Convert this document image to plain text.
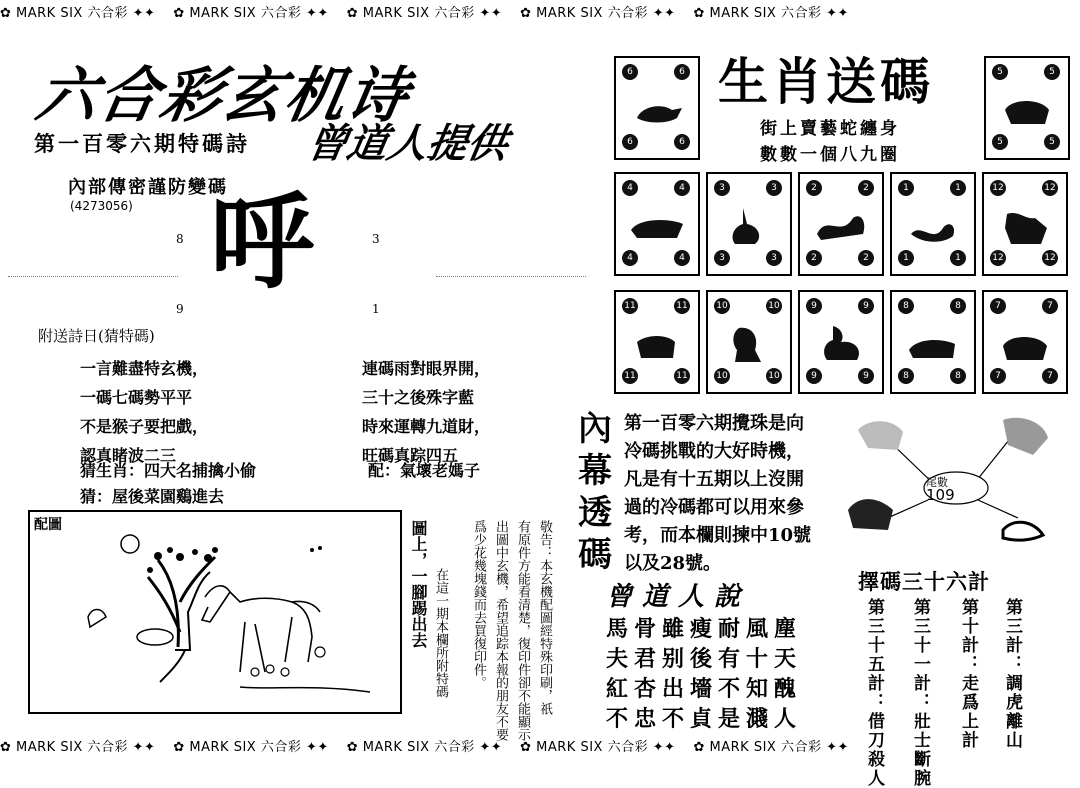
✿ MARK SIX 六合彩 ✦✦ ✿ MARK SIX 六合彩 ✦✦ ✿ MARK SIX 六合彩 ✦✦ ✿ MARK SIX 六合彩 ✦✦ ✿ MARK SIX 六合彩 ✦✦
✿ MARK SIX 六合彩 ✦✦ ✿ MARK SIX 六合彩 ✦✦ ✿ MARK SIX 六合彩 ✦✦ ✿ MARK SIX 六合彩 ✦✦ ✿ MARK SIX 六合彩 ✦✦
六合彩玄机诗
第一百零六期特碼詩 曾道人提供
內部傳密謹防變碼
(4273056) 呼
8	3
9	1
附送詩日(猜特碼)

一言難盡特玄機，

一碼七碼勢平平

不是猴子要把戲，

認真睹波二三

連碼雨對眼界開，

三十之後殊字藍

時來運轉九道財，

旺碼真踪四五

猜生肖：四大名捕擒小偷	配：氣壞老媽子
猜：屋後菜園鷄進去
配圖	圖上，一腳踢出去 在這一期本欄所附特碼	敬告：本玄機配圖經特殊印刷，祇
有原件方能看清楚，復印件卻不能顯示
出圖中玄機，希望追踪本報的朋友不要
爲少花幾塊錢而去買復印件。
生肖送碼
街上賣藝蛇纏身
數數一個八九圈
6	6
6	6
5	5
5	5
4	4
4	4
3	3
3	3
2	2
2	2
1	1
1	1
12	12
12	12
11	11
11	11
10	10
10	10
9	9
9	9
8	8
8	8
7	7
7	7
內幕透碼

第一百零六期攪珠是向

冷碼挑戰的大好時機，

凡是有十五期以上沒開

過的冷碼都可以用來參

考，而本欄則揀中10號

以及28號。

尾數
109
曾道人說

馬骨雖瘦耐風塵

夫君别後有十天

紅杏出墻不知醜

不忠不貞是濺人

擇碼三十六計
第三計：調虎離山
第十計：走爲上計
第三十一計：壯士斷腕
第三十五計：借刀殺人
